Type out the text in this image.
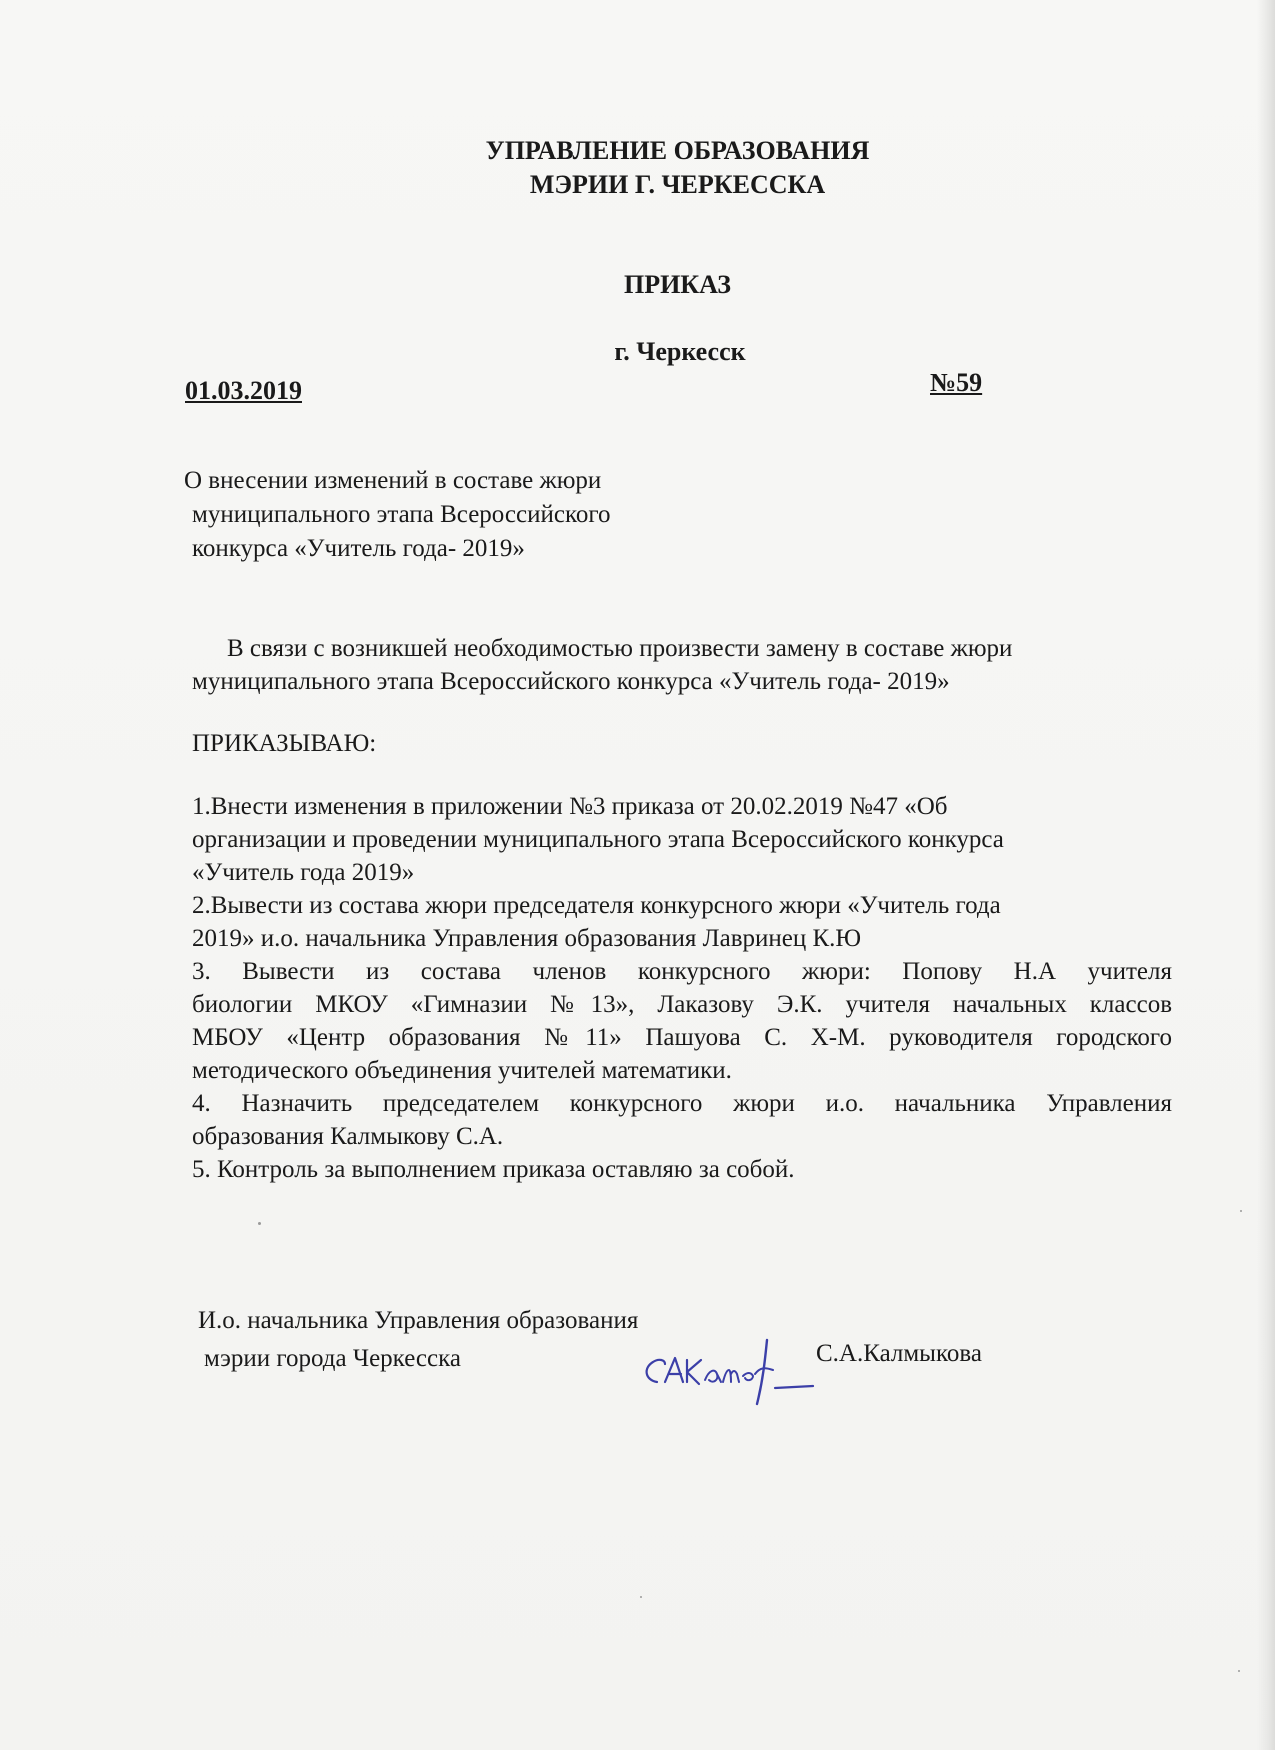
УПРАВЛЕНИЕ ОБРАЗОВАНИЯ
МЭРИИ Г. ЧЕРКЕССКА
ПРИКАЗ
г. Черкесск
01.03.2019	№59
О внесении изменений в составе жюри
муниципального этапа Всероссийского
конкурса «Учитель года- 2019»
В связи с возникшей необходимостью произвести замену в составе жюри
муниципального этапа Всероссийского конкурса «Учитель года- 2019»
ПРИКАЗЫВАЮ:

1.Внести изменения в приложении №3 приказа от 20.02.2019 №47 «Об

организации и проведении муниципального этапа Всероссийского конкурса

«Учитель года 2019»

2.Вывести из состава жюри председателя конкурсного жюри «Учитель года

2019» и.о. начальника Управления образования Лавринец К.Ю

3. Вывести из состава членов конкурсного жюри: Попову Н.А учителя

биологии МКОУ «Гимназии №13», Лаказову Э.К. учителя начальных классов

МБОУ «Центр образования №11» Пашуова С. Х-М. руководителя городского

методического объединения учителей математики.

4. Назначить председателем конкурсного жюри и.о. начальника Управления

образования Калмыкову С.А.

5. Контроль за выполнением приказа оставляю за собой.

И.о. начальника Управления образования
мэрии города Черкесска	С.А.Калмыкова
